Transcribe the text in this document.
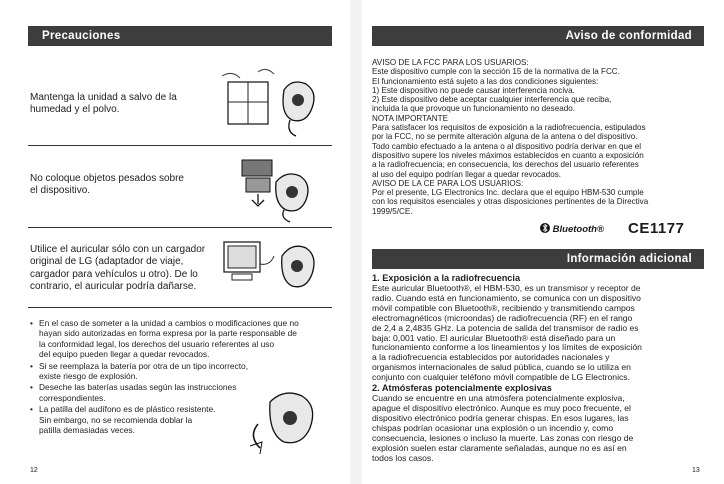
Precauciones
Mantenga la unidad a salvo de la
humedad y el polvo.
No coloque objetos pesados sobre
el dispositivo.
Utilice el auricular sólo con un cargador
original de LG (adaptador de viaje,
cargador para vehículos u otro). De lo
contrario, el auricular podría dañarse.
• En el caso de someter a la unidad a cambios o modificaciones que no
hayan sido autorizadas en forma expresa por la parte responsable de
la conformidad legal, los derechos del usuario referentes al uso
del equipo pueden llegar a quedar revocados.
• Si se reemplaza la batería por otra de un tipo incorrecto,
existe riesgo de explosión.
• Deseche las baterías usadas según las instrucciones
correspondientes.
• La patilla del audífono es de plástico resistente.
Sin embargo, no se recomienda doblar la
patilla demasiadas veces.
12
Aviso de conformidad
AVISO DE LA FCC PARA LOS USUARIOS:
Este dispositivo cumple con la sección 15 de la normativa de la FCC.
El funcionamiento está sujeto a las dos condiciones siguientes:
1) Este dispositivo no puede causar interferencia nociva.
2) Este dispositivo debe aceptar cualquier interferencia que reciba,
incluida la que provoque un funcionamiento no deseado.
NOTA IMPORTANTE
Para satisfacer los requisitos de exposición a la radiofrecuencia, estipulados
por la FCC, no se permite alteración alguna de la antena o del dispositivo.
Todo cambio efectuado a la antena o al dispositivo podría derivar en que el
dispositivo supere los niveles máximos establecidos en cuanto a exposición
a la radiofrecuencia; en consecuencia, los derechos del usuario referentes
al uso del equipo podrían llegar a quedar revocados.
AVISO DE LA CE PARA LOS USUARIOS:
Por el presente, LG Electronics Inc. declara que el equipo HBM-530 cumple
con los requisitos esenciales y otras disposiciones pertinentes de la Directiva
1999/5/CE.
Bluetooth® CE1177
Información adicional
1. Exposición a la radiofrecuencia
Este auricular Bluetooth®, el HBM-530, es un transmisor y receptor de
radio. Cuando está en funcionamiento, se comunica con un dispositivo
móvil compatible con Bluetooth®, recibiendo y transmitiendo campos
electromagnéticos (microondas) de radiofrecuencia (RF) en el rango
de 2,4 a 2,4835 GHz. La potencia de salida del transmisor de radio es
baja: 0,001 vatio. El auricular Bluetooth® está diseñado para un
funcionamiento conforme a los lineamientos y los límites de exposición
a la radiofrecuencia establecidos por autoridades nacionales y
organismos internacionales de salud pública, cuando se lo utiliza en
conjunto con cualquier teléfono móvil compatible de LG Electronics.
2. Atmósferas potencialmente explosivas
Cuando se encuentre en una atmósfera potencialmente explosiva,
apague el dispositivo electrónico. Aunque es muy poco frecuente, el
dispositivo electrónico podría generar chispas. En esos lugares, las
chispas podrían ocasionar una explosión o un incendio y, como
consecuencia, lesiones o incluso la muerte. Las zonas con riesgo de
explosión suelen estar claramente señaladas, aunque no es así en
todos los casos.
13
